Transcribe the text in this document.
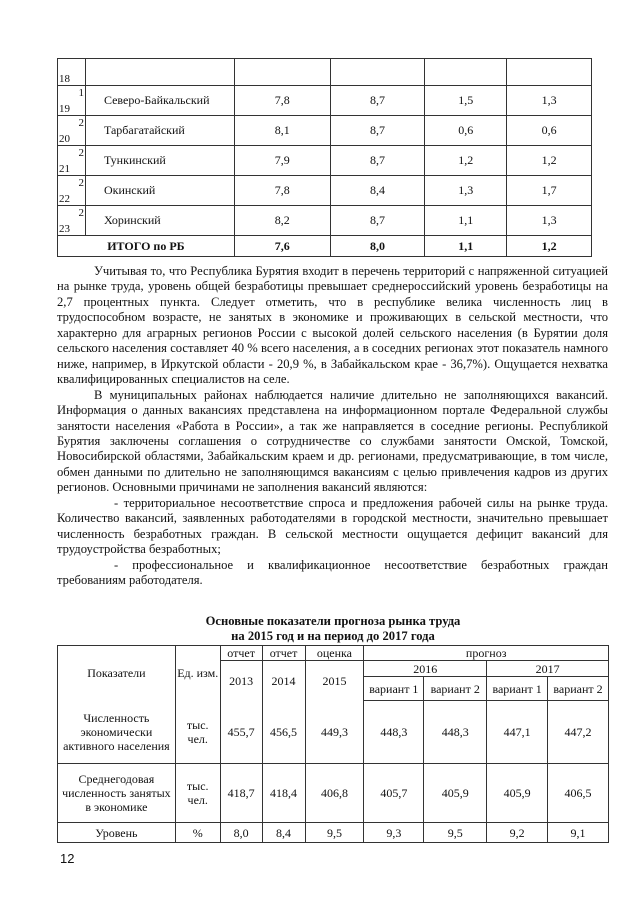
18					

1
19	Северо-Байкальский	7,8	8,7	1,5	1,3

2
20	Тарбагатайский	8,1	8,7	0,6	0,6

2
21	Тункинский	7,9	8,7	1,2	1,2

2
22	Окинский	7,8	8,4	1,3	1,7

2
23	Хоринский	8,2	8,7	1,1	1,3
ИТОГО по РБ		7,6	8,0	1,1	1,2

Учитывая то, что Республика Бурятия входит в перечень территорий с напряженной ситуацией на рынке труда, уровень общей безработицы превышает среднероссийский уровень безработицы на 2,7 процентных пункта. Следует отметить, что в республике велика численность лиц в трудоспособном возрасте, не занятых в экономике и проживающих в сельской местности, что характерно для аграрных регионов России с высокой долей сельского населения (в Бурятии доля сельского населения составляет 40 % всего населения, а в соседних регионах этот показатель намного ниже, например, в Иркутской области - 20,9 %, в Забайкальском крае - 36,7%). Ощущается нехватка квалифицированных специалистов на селе.

В муниципальных районах наблюдается наличие длительно не заполняющихся вакансий. Информация о данных вакансиях представлена на информационном портале Федеральной службы занятости населения «Работа в России», а так же направляется в соседние регионы. Республикой Бурятия заключены соглашения о сотрудничестве со службами занятости Омской, Томской, Новосибирской областями, Забайкальским краем и др. регионами, предусматривающие, в том числе, обмен данными по длительно не заполняющимся вакансиям с целью привлечения кадров из других регионов. Основными причинами не заполнения вакансий являются:

- территориальное несоответствие спроса и предложения рабочей силы на рынке труда. Количество вакансий, заявленных работодателями в городской местности, значительно превышает численность безработных граждан. В сельской местности ощущается дефицит вакансий для трудоустройства безработных;

- профессиональное и квалификационное несоответствие безработных граждан требованиям работодателя.

Основные показатели прогноза рынка труда
на 2015 год и на период до 2017 года
Показатели	Ед. изм.	отчет	отчет	оценка	прогноз			
		2013	2014	2015	2016		2017	
					вариант 1	вариант 2	вариант 1	вариант 2
Численность экономически активного населения	тыс. чел.	455,7	456,5	449,3	448,3	448,3	447,1	447,2
Среднегодовая численность занятых в экономике	тыс. чел.	418,7	418,4	406,8	405,7	405,9	405,9	406,5
Уровень	%	8,0	8,4	9,5	9,3	9,5	9,2	9,1
12
